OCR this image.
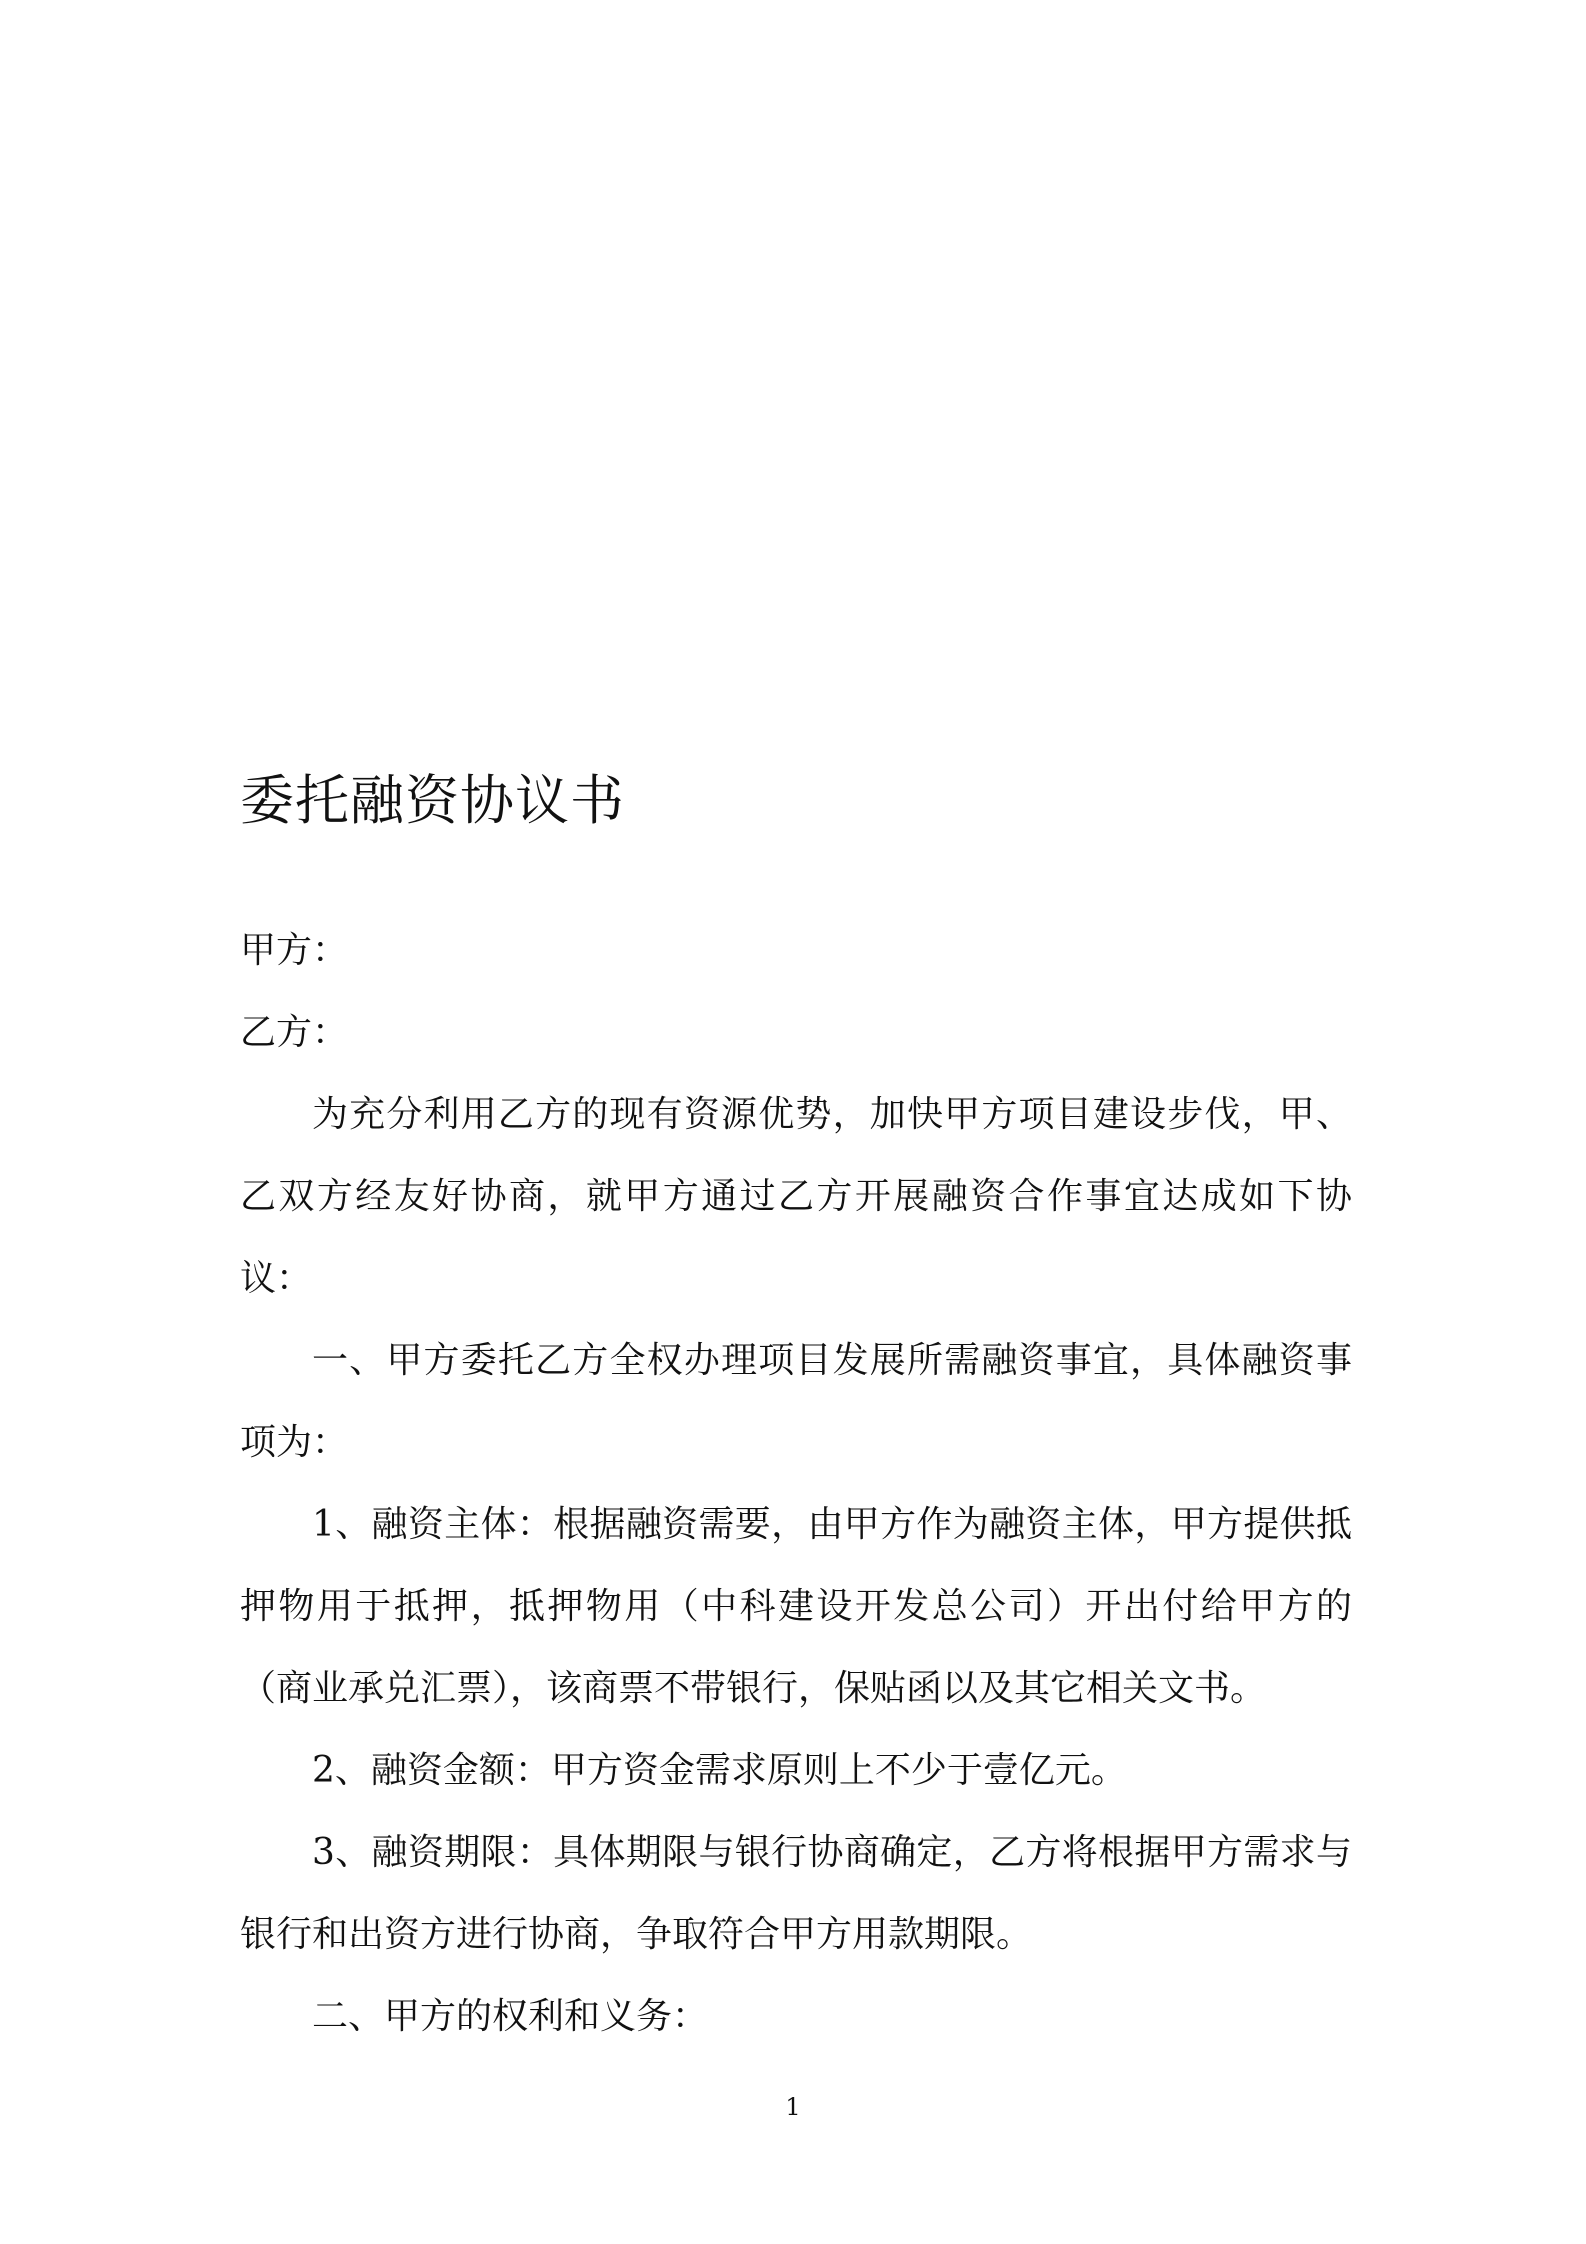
委托融资协议书

甲方：

乙方：

为充分利用乙方的现有资源优势，加快甲方项目建设步伐，甲、乙双方经友好协商，就甲方通过乙方开展融资合作事宜达成如下协议：

一、甲方委托乙方全权办理项目发展所需融资事宜，具体融资事项为：

1、融资主体：根据融资需要，由甲方作为融资主体，甲方提供抵押物用于抵押，抵押物用（中科建设开发总公司）开出付给甲方的（商业承兑汇票），该商票不带银行，保贴函以及其它相关文书。

2、融资金额：甲方资金需求原则上不少于壹亿元。

3、融资期限：具体期限与银行协商确定，乙方将根据甲方需求与银行和出资方进行协商，争取符合甲方用款期限。

二、甲方的权利和义务：

1
